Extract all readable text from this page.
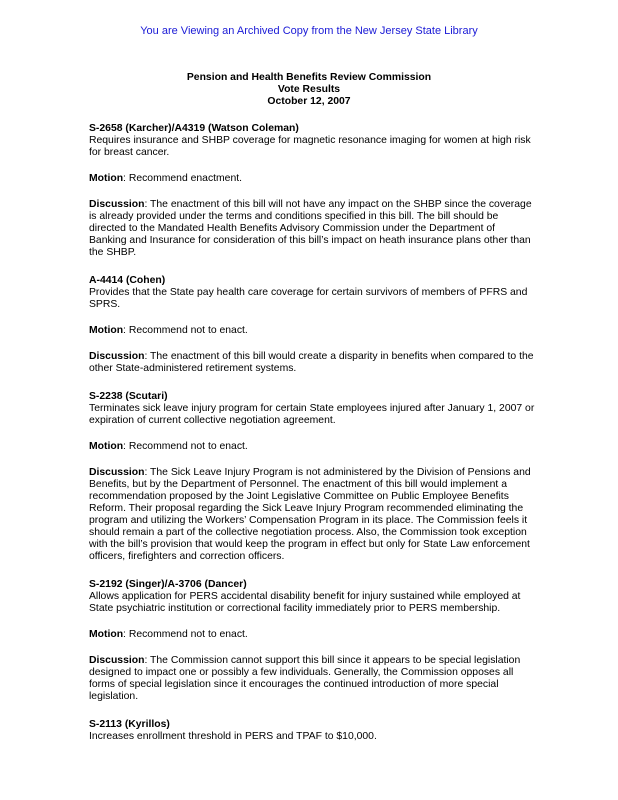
You are Viewing an Archived Copy from the New Jersey State Library
Pension and Health Benefits Review Commission
Vote Results
October 12, 2007
S-2658 (Karcher)/A4319 (Watson Coleman)
Requires insurance and SHBP coverage for magnetic resonance imaging for women at high risk for breast cancer.
Motion: Recommend enactment.
Discussion: The enactment of this bill will not have any impact on the SHBP since the coverage is already provided under the terms and conditions specified in this bill. The bill should be directed to the Mandated Health Benefits Advisory Commission under the Department of Banking and Insurance for consideration of this bill’s impact on heath insurance plans other than the SHBP.
A-4414 (Cohen)
Provides that the State pay health care coverage for certain survivors of members of PFRS and SPRS.
Motion: Recommend not to enact.
Discussion: The enactment of this bill would create a disparity in benefits when compared to the other State-administered retirement systems.
S-2238 (Scutari)
Terminates sick leave injury program for certain State employees injured after January 1, 2007 or expiration of current collective negotiation agreement.
Motion: Recommend not to enact.
Discussion: The Sick Leave Injury Program is not administered by the Division of Pensions and Benefits, but by the Department of Personnel. The enactment of this bill would implement a recommendation proposed by the Joint Legislative Committee on Public Employee Benefits Reform. Their proposal regarding the Sick Leave Injury Program recommended eliminating the program and utilizing the Workers’ Compensation Program in its place. The Commission feels it should remain a part of the collective negotiation process. Also, the Commission took exception with the bill’s provision that would keep the program in effect but only for State Law enforcement officers, firefighters and correction officers.
S-2192 (Singer)/A-3706 (Dancer)
Allows application for PERS accidental disability benefit for injury sustained while employed at State psychiatric institution or correctional facility immediately prior to PERS membership.
Motion: Recommend not to enact.
Discussion: The Commission cannot support this bill since it appears to be special legislation designed to impact one or possibly a few individuals. Generally, the Commission opposes all forms of special legislation since it encourages the continued introduction of more special legislation.
S-2113 (Kyrillos)
Increases enrollment threshold in PERS and TPAF to $10,000.
